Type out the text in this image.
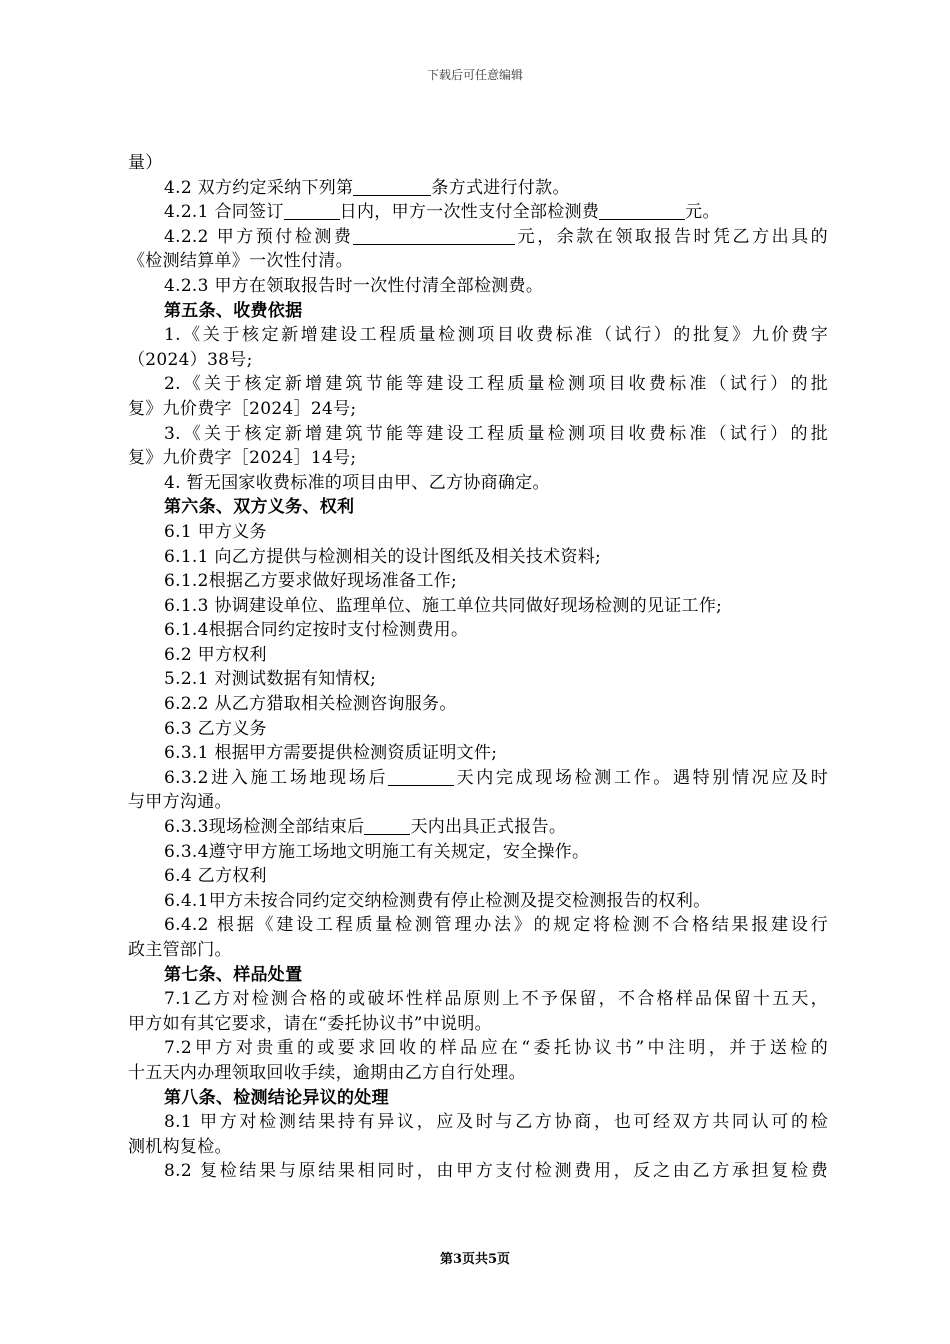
下载后可任意编辑
量）
4.2 双方约定采纳下列第	条方式进行付款。
4.2.1 合同签订	日内，甲方一次性支付全部检测费	元。
4.2.2 甲方预付检测费	元，余款在领取报告时凭乙方出具的
《检测结算单》一次性付清。
4.2.3 甲方在领取报告时一次性付清全部检测费。
第五条、收费依据
1.《关于核定新增建设工程质量检测项目收费标准（试行）的批复》九价费字
（2024）38号;
2.《关于核定新增建筑节能等建设工程质量检测项目收费标准（试行）的批
复》九价费字［2024］24号;
3.《关于核定新增建筑节能等建设工程质量检测项目收费标准（试行）的批
复》九价费字［2024］14号;
4. 暂无国家收费标准的项目由甲、乙方协商确定。
第六条、双方义务、权利
6.1 甲方义务
6.1.1 向乙方提供与检测相关的设计图纸及相关技术资料;
6.1.2根据乙方要求做好现场准备工作;
6.1.3 协调建设单位、监理单位、施工单位共同做好现场检测的见证工作;
6.1.4根据合同约定按时支付检测费用。
6.2 甲方权利
5.2.1 对测试数据有知情权;
6.2.2 从乙方猎取相关检测咨询服务。
6.3 乙方义务
6.3.1 根据甲方需要提供检测资质证明文件;
6.3.2进入施工场地现场后	天内完成现场检测工作。遇特别情况应及时
与甲方沟通。
6.3.3现场检测全部结束后	天内出具正式报告。
6.3.4遵守甲方施工场地文明施工有关规定，安全操作。
6.4 乙方权利
6.4.1甲方未按合同约定交纳检测费有停止检测及提交检测报告的权利。
6.4.2 根据《建设工程质量检测管理办法》的规定将检测不合格结果报建设行
政主管部门。
第七条、样品处置
7.1乙方对检测合格的或破坏性样品原则上不予保留，不合格样品保留十五天，
甲方如有其它要求，请在“委托协议书”中说明。
7.2甲方对贵重的或要求回收的样品应在“委托协议书”中注明，并于送检的
十五天内办理领取回收手续，逾期由乙方自行处理。
第八条、检测结论异议的处理
8.1 甲方对检测结果持有异议，应及时与乙方协商，也可经双方共同认可的检
测机构复检。
8.2 复检结果与原结果相同时，由甲方支付检测费用，反之由乙方承担复检费
第3页共5页
